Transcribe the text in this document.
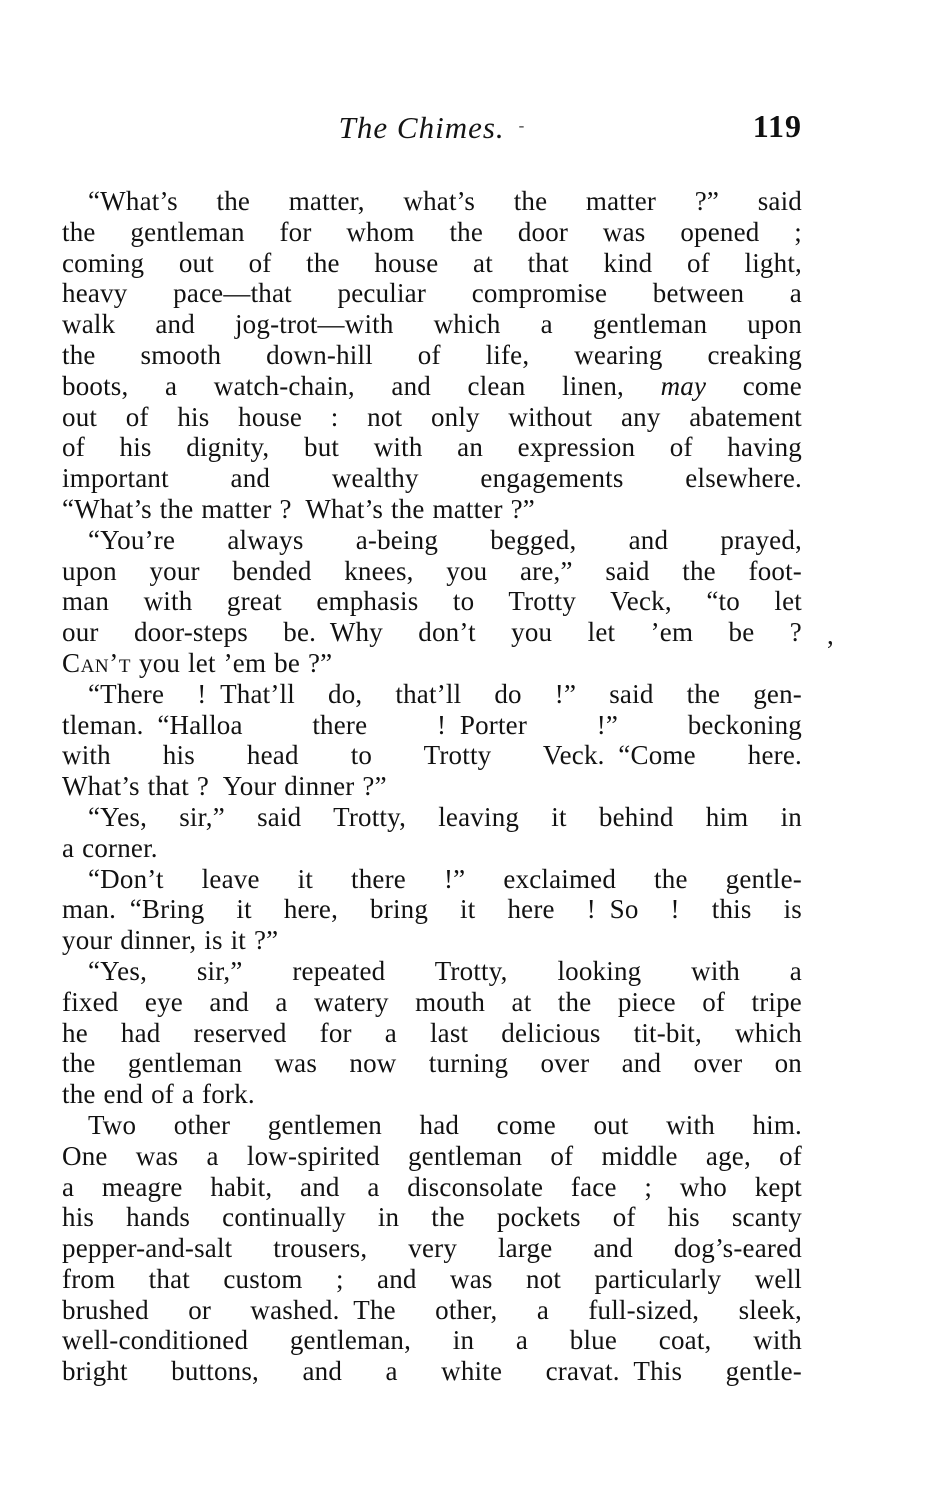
The Chimes. -	119
“What’s the matter, what’s the matter ?” said
the gentleman for whom the door was opened ;
coming out of the house at that kind of light,
heavy pace—that peculiar compromise between a
walk and jog-trot—with which a gentleman upon
the smooth down-hill of life, wearing creaking
boots, a watch-chain, and clean linen, may come
out of his house : not only without any abatement
of his dignity, but with an expression of having
important and wealthy engagements elsewhere.
“What’s the matter ? What’s the matter ?”
“You’re always a-being begged, and prayed,
upon your bended knees, you are,” said the foot-
man with great emphasis to Trotty Veck, “to let
our door-steps be. Why don’t you let ’em be ? ,
Can’t you let ’em be ?”
“There ! That’ll do, that’ll do !” said the gen-
tleman. “Halloa there ! Porter !” beckoning
with his head to Trotty Veck. “Come here.
What’s that ? Your dinner ?”
“Yes, sir,” said Trotty, leaving it behind him in
a corner.
“Don’t leave it there !” exclaimed the gentle-
man. “Bring it here, bring it here ! So ! this is
your dinner, is it ?”
“Yes, sir,” repeated Trotty, looking with a
fixed eye and a watery mouth at the piece of tripe
he had reserved for a last delicious tit-bit, which
the gentleman was now turning over and over on
the end of a fork.
Two other gentlemen had come out with him.
One was a low-spirited gentleman of middle age, of
a meagre habit, and a disconsolate face ; who kept
his hands continually in the pockets of his scanty
pepper-and-salt trousers, very large and dog’s-eared
from that custom ; and was not particularly well
brushed or washed. The other, a full-sized, sleek,
well-conditioned gentleman, in a blue coat, with
bright buttons, and a white cravat. This gentle-
